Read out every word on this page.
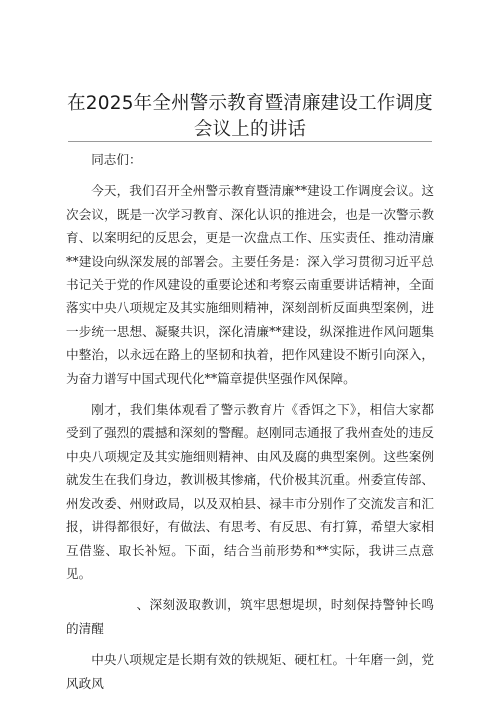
在2025年全州警示教育暨清廉建设工作调度
会议上的讲话

同志们：

今天，我们召开全州警示教育暨清廉**建设工作调度会议。这次会议，既是一次学习教育、深化认识的推进会，也是一次警示教育、以案明纪的反思会，更是一次盘点工作、压实责任、推动清廉**建设向纵深发展的部署会。主要任务是：深入学习贯彻习近平总书记关于党的作风建设的重要论述和考察云南重要讲话精神，全面落实中央八项规定及其实施细则精神，深刻剖析反面典型案例，进一步统一思想、凝聚共识，深化清廉**建设，纵深推进作风问题集中整治，以永远在路上的坚韧和执着，把作风建设不断引向深入，为奋力谱写中国式现代化**篇章提供坚强作风保障。

刚才，我们集体观看了警示教育片《香饵之下》，相信大家都受到了强烈的震撼和深刻的警醒。赵刚同志通报了我州查处的违反中央八项规定及其实施细则精神、由风及腐的典型案例。这些案例就发生在我们身边，教训极其惨痛，代价极其沉重。州委宣传部、州发改委、州财政局，以及双柏县、禄丰市分别作了交流发言和汇报，讲得都很好，有做法、有思考、有反思、有打算，希望大家相互借鉴、取长补短。下面，结合当前形势和**实际，我讲三点意见。

、深刻汲取教训，筑牢思想堤坝，时刻保持警钟长鸣的清醒

中央八项规定是长期有效的铁规矩、硬杠杠。十年磨一剑，党风政风
